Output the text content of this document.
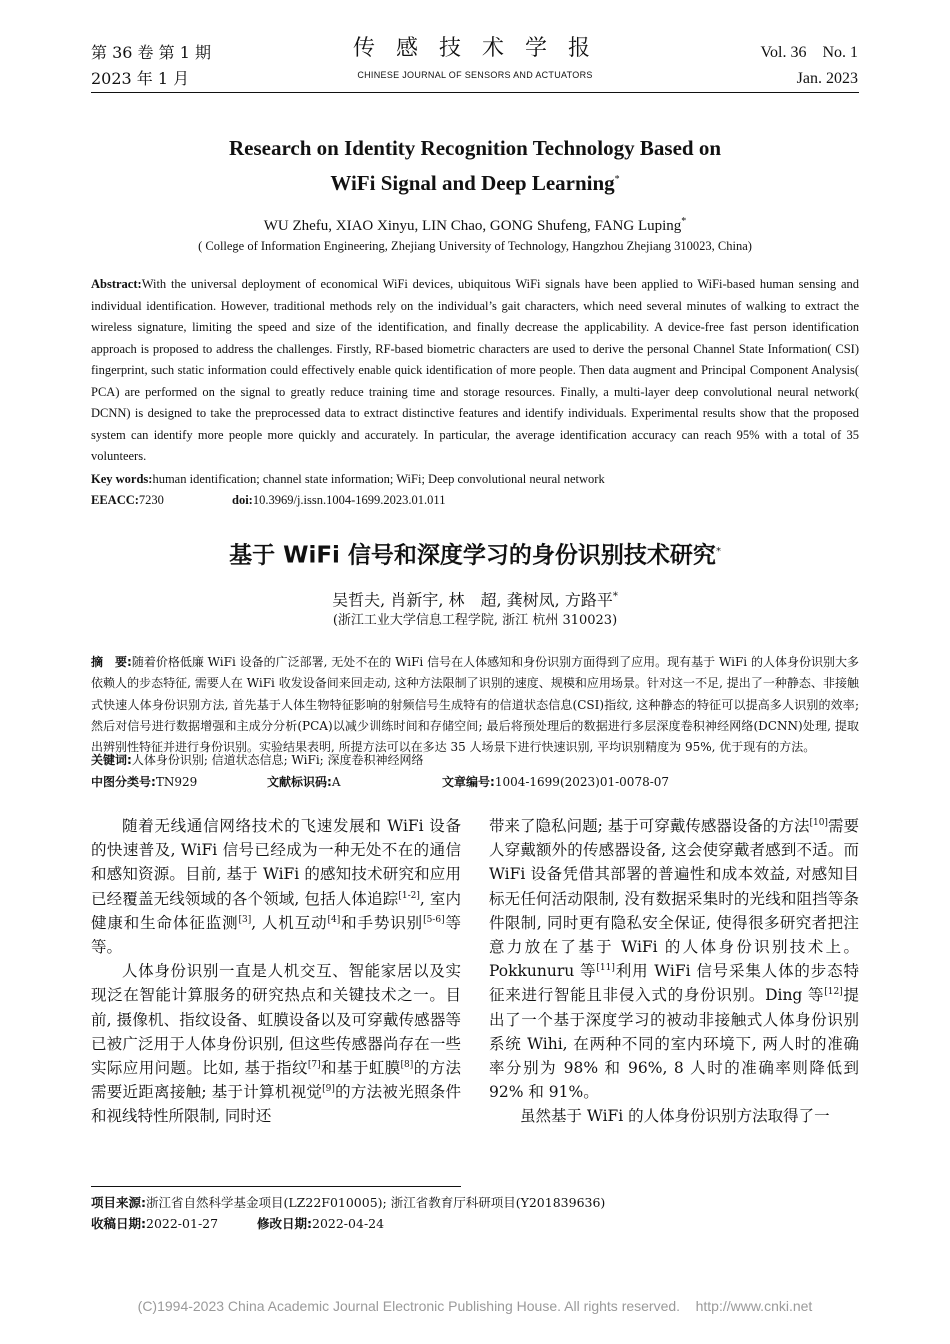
第 36 卷 第 1 期
2023 年 1 月
传 感 技 术 学 报
CHINESE JOURNAL OF SENSORS AND ACTUATORS
Vol. 36    No. 1
Jan. 2023
Research on Identity Recognition Technology Based on
WiFi Signal and Deep Learning*
WU Zhefu, XIAO Xinyu, LIN Chao, GONG Shufeng, FANG Luping*
( College of Information Engineering, Zhejiang University of Technology, Hangzhou Zhejiang 310023, China)
Abstract:With the universal deployment of economical WiFi devices, ubiquitous WiFi signals have been applied to WiFi-based human sensing and individual identification. However, traditional methods rely on the individual’s gait characters, which need several minutes of walking to extract the wireless signature, limiting the speed and size of the identification, and finally decrease the applicability. A device-free fast person identification approach is proposed to address the challenges. Firstly, RF-based biometric characters are used to derive the personal Channel State Information( CSI) fingerprint, such static information could effectively enable quick identification of more people. Then data augment and Principal Component Analysis( PCA) are performed on the signal to greatly reduce training time and storage resources. Finally, a multi-layer deep convolutional neural network( DCNN) is designed to take the preprocessed data to extract distinctive features and identify individuals. Experimental results show that the proposed system can identify more people more quickly and accurately. In particular, the average identification accuracy can reach 95% with a total of 35 volunteers.
Key words:human identification; channel state information; WiFi; Deep convolutional neural network
EEACC:7230	doi:10.3969/j.issn.1004-1699.2023.01.011
基于 WiFi 信号和深度学习的身份识别技术研究*
吴哲夫, 肖新宇, 林　超, 龚树凤, 方路平*
(浙江工业大学信息工程学院, 浙江 杭州 310023)
摘　要:随着价格低廉 WiFi 设备的广泛部署, 无处不在的 WiFi 信号在人体感知和身份识别方面得到了应用。现有基于 WiFi 的人体身份识别大多依赖人的步态特征, 需要人在 WiFi 收发设备间来回走动, 这种方法限制了识别的速度、规模和应用场景。针对这一不足, 提出了一种静态、非接触式快速人体身份识别方法, 首先基于人体生物特征影响的射频信号生成特有的信道状态信息(CSI)指纹, 这种静态的特征可以提高多人识别的效率; 然后对信号进行数据增强和主成分分析(PCA)以减少训练时间和存储空间; 最后将预处理后的数据进行多层深度卷积神经网络(DCNN)处理, 提取出辨别性特征并进行身份识别。实验结果表明, 所提方法可以在多达 35 人场景下进行快速识别, 平均识别精度为 95%, 优于现有的方法。
关键词:人体身份识别; 信道状态信息; WiFi; 深度卷积神经网络
中图分类号:TN929	文献标识码:A	文章编号:1004-1699(2023)01-0078-07

随着无线通信网络技术的飞速发展和 WiFi 设备的快速普及, WiFi 信号已经成为一种无处不在的通信和感知资源。目前, 基于 WiFi 的感知技术研究和应用已经覆盖无线领域的各个领域, 包括人体追踪[1-2], 室内健康和生命体征监测[3], 人机互动[4]和手势识别[5-6]等等。

人体身份识别一直是人机交互、智能家居以及实现泛在智能计算服务的研究热点和关键技术之一。目前, 摄像机、指纹设备、虹膜设备以及可穿戴传感器等已被广泛用于人体身份识别, 但这些传感器尚存在一些实际应用问题。比如, 基于指纹[7]和基于虹膜[8]的方法需要近距离接触; 基于计算机视觉[9]的方法被光照条件和视线特性所限制, 同时还

带来了隐私问题; 基于可穿戴传感器设备的方法[10]需要人穿戴额外的传感器设备, 这会使穿戴者感到不适。而 WiFi 设备凭借其部署的普遍性和成本效益, 对感知目标无任何活动限制, 没有数据采集时的光线和阻挡等条件限制, 同时更有隐私安全保证, 使得很多研究者把注意力放在了基于 WiFi 的人体身份识别技术上。Pokkunuru 等[11]利用 WiFi 信号采集人体的步态特征来进行智能且非侵入式的身份识别。Ding 等[12]提出了一个基于深度学习的被动非接触式人体身份识别系统 Wihi, 在两种不同的室内环境下, 两人时的准确率分别为 98% 和 96%, 8 人时的准确率则降低到 92% 和 91%。

虽然基于 WiFi 的人体身份识别方法取得了一

项目来源:浙江省自然科学基金项目(LZ22F010005); 浙江省教育厅科研项目(Y201839636)
收稿日期:2022-01-27	修改日期:2022-04-24
(C)1994-2023 China Academic Journal Electronic Publishing House. All rights reserved.    http://www.cnki.net
